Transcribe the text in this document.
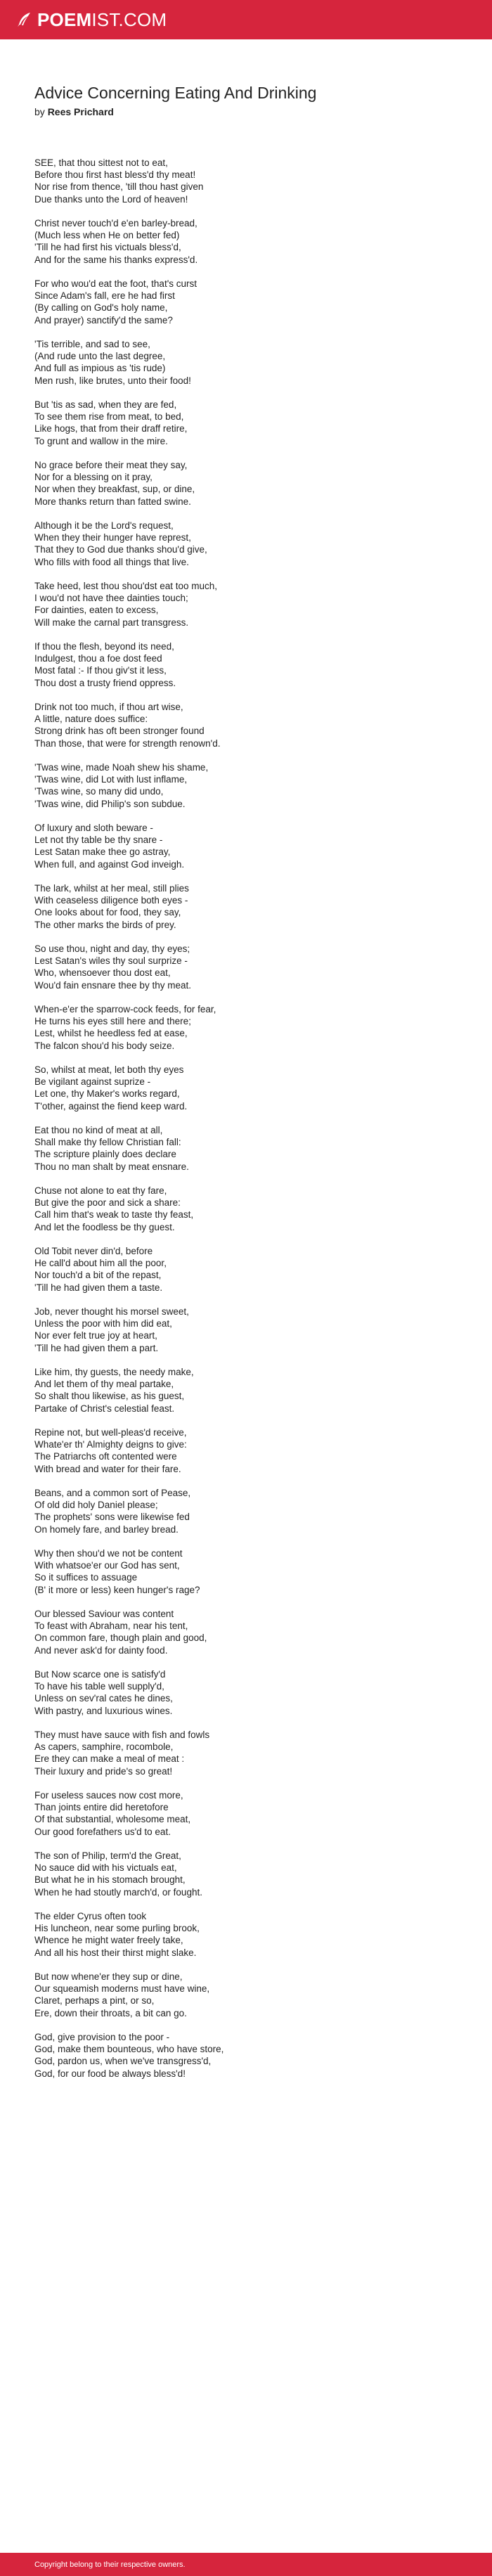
POEMIST.COM
Advice Concerning Eating And Drinking
by Rees Prichard
SEE, that thou sittest not to eat,
Before thou first hast bless'd thy meat!
Nor rise from thence, 'till thou hast given
Due thanks unto the Lord of heaven!
Christ never touch'd e'en barley-bread,
(Much less when He on better fed)
'Till he had first his victuals bless'd,
And for the same his thanks express'd.
For who wou'd eat the foot, that's curst
Since Adam's fall, ere he had first
(By calling on God's holy name,
And prayer) sanctify'd the same?
'Tis terrible, and sad to see,
(And rude unto the last degree,
And full as impious as 'tis rude)
Men rush, like brutes, unto their food!
But 'tis as sad, when they are fed,
To see them rise from meat, to bed,
Like hogs, that from their draff retire,
To grunt and wallow in the mire.
No grace before their meat they say,
Nor for a blessing on it pray,
Nor when they breakfast, sup, or dine,
More thanks return than fatted swine.
Although it be the Lord's request,
When they their hunger have represt,
That they to God due thanks shou'd give,
Who fills with food all things that live.
Take heed, lest thou shou'dst eat too much,
I wou'd not have thee dainties touch;
For dainties, eaten to excess,
Will make the carnal part transgress.
If thou the flesh, beyond its need,
Indulgest, thou a foe dost feed
Most fatal :- If thou giv'st it less,
Thou dost a trusty friend oppress.
Drink not too much, if thou art wise,
A little, nature does suffice:
Strong drink has oft been stronger found
Than those, that were for strength renown'd.
'Twas wine, made Noah shew his shame,
'Twas wine, did Lot with lust inflame,
'Twas wine, so many did undo,
'Twas wine, did Philip's son subdue.
Of luxury and sloth beware -
Let not thy table be thy snare -
Lest Satan make thee go astray,
When full, and against God inveigh.
The lark, whilst at her meal, still plies
With ceaseless diligence both eyes -
One looks about for food, they say,
The other marks the birds of prey.
So use thou, night and day, thy eyes;
Lest Satan's wiles thy soul surprize -
Who, whensoever thou dost eat,
Wou'd fain ensnare thee by thy meat.
When-e'er the sparrow-cock feeds, for fear,
He turns his eyes still here and there;
Lest, whilst he heedless fed at ease,
The falcon shou'd his body seize.
So, whilst at meat, let both thy eyes
Be vigilant against suprize -
Let one, thy Maker's works regard,
T'other, against the fiend keep ward.
Eat thou no kind of meat at all,
Shall make thy fellow Christian fall:
The scripture plainly does declare
Thou no man shalt by meat ensnare.
Chuse not alone to eat thy fare,
But give the poor and sick a share:
Call him that's weak to taste thy feast,
And let the foodless be thy guest.
Old Tobit never din'd, before
He call'd about him all the poor,
Nor touch'd a bit of the repast,
'Till he had given them a taste.
Job, never thought his morsel sweet,
Unless the poor with him did eat,
Nor ever felt true joy at heart,
'Till he had given them a part.
Like him, thy guests, the needy make,
And let them of thy meal partake,
So shalt thou likewise, as his guest,
Partake of Christ's celestial feast.
Repine not, but well-pleas'd receive,
Whate'er th' Almighty deigns to give:
The Patriarchs oft contented were
With bread and water for their fare.
Beans, and a common sort of Pease,
Of old did holy Daniel please;
The prophets' sons were likewise fed
On homely fare, and barley bread.
Why then shou'd we not be content
With whatsoe'er our God has sent,
So it suffices to assuage
(B' it more or less) keen hunger's rage?
Our blessed Saviour was content
To feast with Abraham, near his tent,
On common fare, though plain and good,
And never ask'd for dainty food.
But Now scarce one is satisfy'd
To have his table well supply'd,
Unless on sev'ral cates he dines,
With pastry, and luxurious wines.
They must have sauce with fish and fowls
As capers, samphire, rocombole,
Ere they can make a meal of meat :
Their luxury and pride's so great!
For useless sauces now cost more,
Than joints entire did heretofore
Of that substantial, wholesome meat,
Our good forefathers us'd to eat.
The son of Philip, term'd the Great,
No sauce did with his victuals eat,
But what he in his stomach brought,
When he had stoutly march'd, or fought.
The elder Cyrus often took
His luncheon, near some purling brook,
Whence he might water freely take,
And all his host their thirst might slake.
But now whene'er they sup or dine,
Our squeamish moderns must have wine,
Claret, perhaps a pint, or so,
Ere, down their throats, a bit can go.
God, give provision to the poor -
God, make them bounteous, who have store,
God, pardon us, when we've transgress'd,
God, for our food be always bless'd!
Copyright belong to their respective owners.
